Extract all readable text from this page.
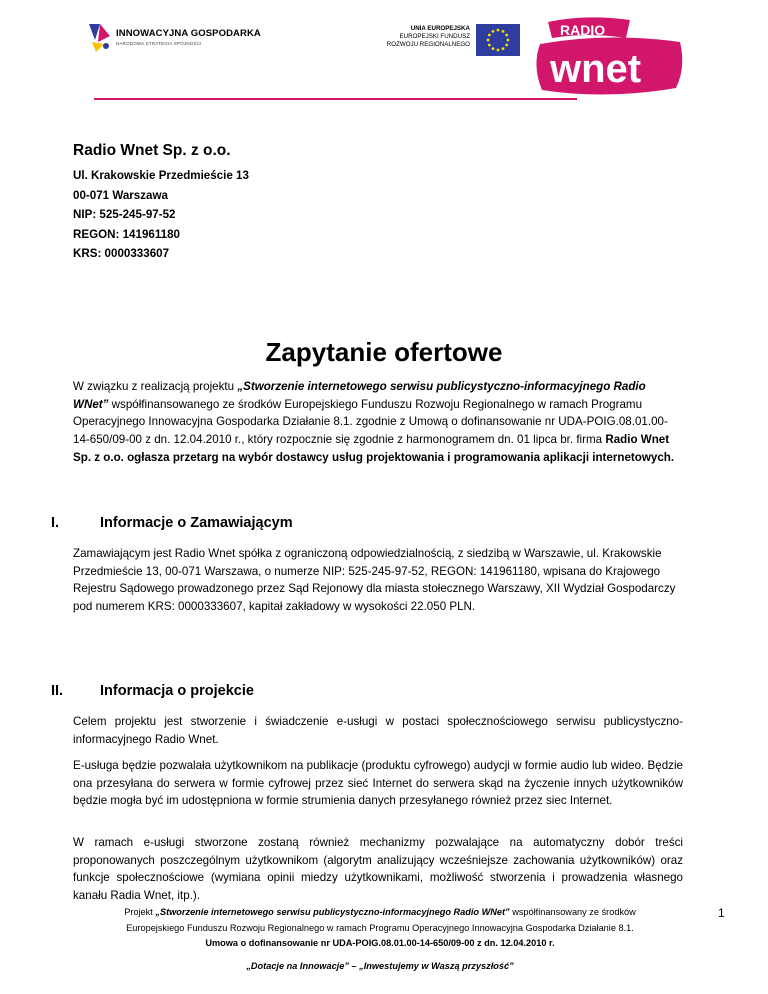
INNOWACYJNA GOSPODARKA
NARODOWA STRATEGIA SPÓJNOŚCI
UNIA EUROPEJSKA
EUROPEJSKI FUNDUSZ
ROZWOJU REGIONALNEGO
RADIO
wnet
Radio Wnet Sp. z o.o.
Ul. Krakowskie Przedmieście 13
00-071 Warszawa
NIP: 525-245-97-52
REGON: 141961180
KRS: 0000333607
Zapytanie ofertowe
W związku z realizacją projektu „Stworzenie internetowego serwisu publicystyczno-informacyjnego Radio WNet” współfinansowanego ze środków Europejskiego Funduszu Rozwoju Regionalnego w ramach Programu Operacyjnego Innowacyjna Gospodarka Działanie 8.1. zgodnie z Umową o dofinansowanie nr UDA-POIG.08.01.00-14-650/09-00 z dn. 12.04.2010 r., który rozpocznie się zgodnie z harmonogramem dn. 01 lipca br. firma Radio Wnet Sp. z o.o. ogłasza przetarg na wybór dostawcy usług projektowania i programowania aplikacji internetowych.
I.	Informacje o Zamawiającym
Zamawiającym jest Radio Wnet spółka z ograniczoną odpowiedzialnością, z siedzibą w Warszawie, ul. Krakowskie Przedmieście 13, 00-071 Warszawa, o numerze NIP: 525-245-97-52, REGON: 141961180, wpisana do Krajowego Rejestru Sądowego prowadzonego przez Sąd Rejonowy dla miasta stołecznego Warszawy, XII Wydział Gospodarczy pod numerem KRS: 0000333607, kapitał zakładowy w wysokości 22.050 PLN.
II.	Informacja o projekcie
Celem projektu jest stworzenie i świadczenie e-usługi w postaci społecznościowego serwisu publicystyczno-informacyjnego Radio Wnet.
E-usługa będzie pozwalała użytkownikom na publikacje (produktu cyfrowego) audycji w formie audio lub wideo. Będzie ona przesyłana do serwera w formie cyfrowej przez sieć Internet do serwera skąd na życzenie innych użytkowników będzie mogła być im udostępniona w formie strumienia danych przesyłanego również przez siec Internet.
W ramach e-usługi stworzone zostaną również mechanizmy pozwalające na automatyczny dobór treści proponowanych poszczególnym użytkownikom (algorytm analizujący wcześniejsze zachowania użytkowników) oraz funkcje społecznościowe (wymiana opinii miedzy użytkownikami, możliwość stworzenia i prowadzenia własnego kanału Radia Wnet, itp.).
Projekt „Stworzenie internetowego serwisu publicystyczno-informacyjnego Radio WNet” współfinansowany ze środków
Europejskiego Funduszu Rozwoju Regionalnego w ramach Programu Operacyjnego Innowacyjna Gospodarka Działanie 8.1.
Umowa o dofinansowanie nr UDA-POIG.08.01.00-14-650/09-00 z dn. 12.04.2010 r.
„Dotacje na Innowacje” – „Inwestujemy w Waszą przyszłość”
1
